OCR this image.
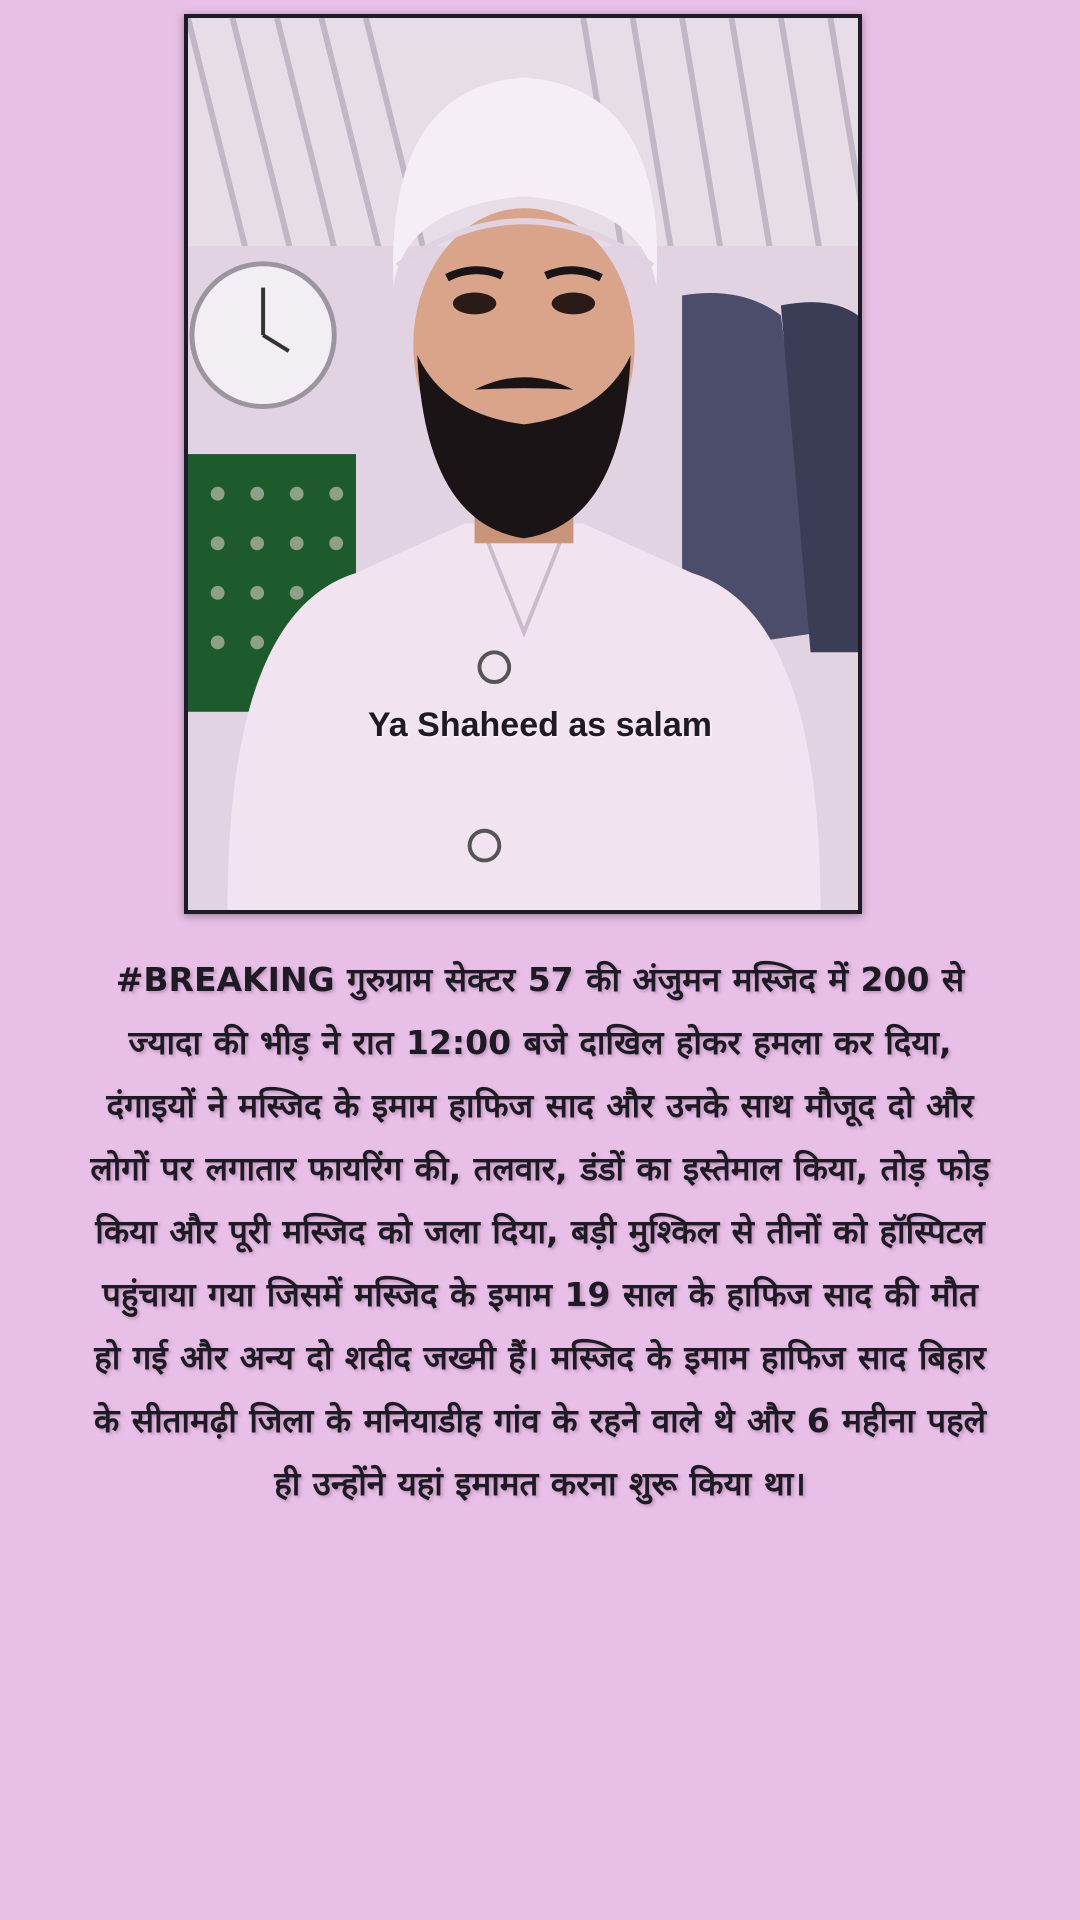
Ya Shaheed as salam
#BREAKING गुरुग्राम सेक्टर 57 की अंजुमन मस्जिद में 200 से ज्यादा की भीड़ ने रात 12:00 बजे दाखिल होकर हमला कर दिया, दंगाइयों ने मस्जिद के इमाम हाफिज साद और उनके साथ मौजूद दो और लोगों पर लगातार फायरिंग की, तलवार, डंडों का इस्तेमाल किया, तोड़ फोड़ किया और पूरी मस्जिद को जला दिया, बड़ी मुश्किल से तीनों को हॉस्पिटल पहुंचाया गया जिसमें मस्जिद के इमाम 19 साल के हाफिज साद की मौत हो गई और अन्य दो शदीद जख्मी हैं। मस्जिद के इमाम हाफिज साद बिहार के सीतामढ़ी जिला के मनियाडीह गांव के रहने वाले थे और 6 महीना पहले ही उन्होंने यहां इमामत करना शुरू किया था।
